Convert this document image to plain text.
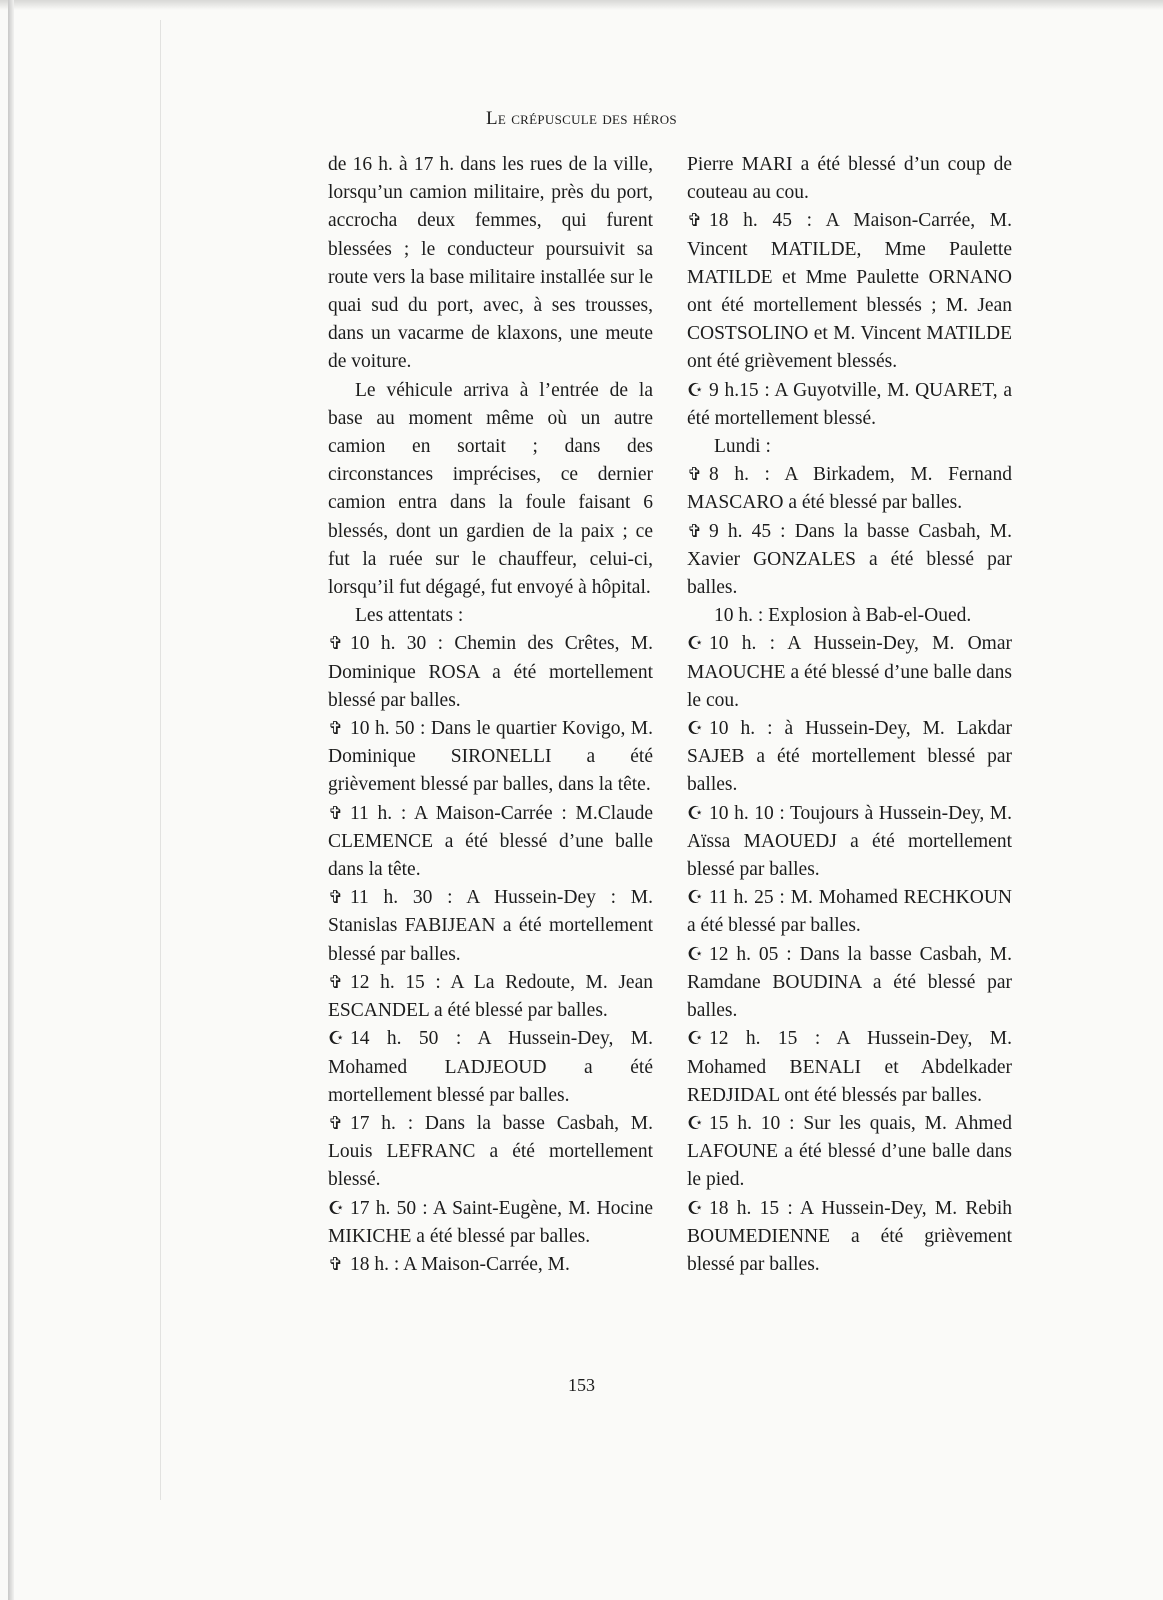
Le crépuscule des héros

de 16 h. à 17 h. dans les rues de la ville, lorsqu’un camion militaire, près du port, accrocha deux femmes, qui furent blessées ; le conducteur poursuivit sa route vers la base militaire installée sur le quai sud du port, avec, à ses trousses, dans un vacarme de klaxons, une meute de voiture.

Le véhicule arriva à l’entrée de la base au moment même où un autre camion en sortait ; dans des circonstances imprécises, ce dernier camion entra dans la foule faisant 6 blessés, dont un gardien de la paix ; ce fut la ruée sur le chauffeur, celui-ci, lorsqu’il fut dégagé, fut envoyé à hôpital.

Les attentats :

✞ 10 h. 30 : Chemin des Crêtes, M. Dominique ROSA a été mortellement blessé par balles.

✞ 10 h. 50 : Dans le quartier Kovigo, M. Dominique SIRONELLI a été grièvement blessé par balles, dans la tête.

✞ 11 h. : A Maison-Carrée : M.Claude CLEMENCE a été blessé d’une balle dans la tête.

✞ 11 h. 30 : A Hussein-Dey : M. Stanislas FABIJEAN a été mortellement blessé par balles.

✞ 12 h. 15 : A La Redoute, M. Jean ESCANDEL a été blessé par balles.

☪ 14 h. 50 : A Hussein-Dey, M. Mohamed LADJEOUD a été mortellement blessé par balles.

✞ 17 h. : Dans la basse Casbah, M. Louis LEFRANC a été mortellement blessé.

☪ 17 h. 50 : A Saint-Eugène, M. Hocine MIKICHE a été blessé par balles.

✞ 18 h. : A Maison-Carrée, M.

Pierre MARI a été blessé d’un coup de couteau au cou.

✞ 18 h. 45 : A Maison-Carrée, M. Vincent MATILDE, Mme Paulette MATILDE et Mme Paulette ORNANO ont été mortellement blessés ; M. Jean COSTSOLINO et M. Vincent MATILDE ont été grièvement blessés.

☪ 9 h.15 : A Guyotville, M. QUARET, a été mortellement blessé.

Lundi :

✞ 8 h. : A Birkadem, M. Fernand MASCARO a été blessé par balles.

✞ 9 h. 45 : Dans la basse Casbah, M. Xavier GONZALES a été blessé par balles.

10 h. : Explosion à Bab-el-Oued.

☪ 10 h. : A Hussein-Dey, M. Omar MAOUCHE a été blessé d’une balle dans le cou.

☪ 10 h. : à Hussein-Dey, M. Lakdar SAJEB a été mortellement blessé par balles.

☪ 10 h. 10 : Toujours à Hussein-Dey, M. Aïssa MAOUEDJ a été mortellement blessé par balles.

☪ 11 h. 25 : M. Mohamed RECHKOUN a été blessé par balles.

☪ 12 h. 05 : Dans la basse Casbah, M. Ramdane BOUDINA a été blessé par balles.

☪ 12 h. 15 : A Hussein-Dey, M. Mohamed BENALI et Abdelkader REDJIDAL ont été blessés par balles.

☪ 15 h. 10 : Sur les quais, M. Ahmed LAFOUNE a été blessé d’une balle dans le pied.

☪ 18 h. 15 : A Hussein-Dey, M. Rebih BOUMEDIENNE a été grièvement blessé par balles.

153
